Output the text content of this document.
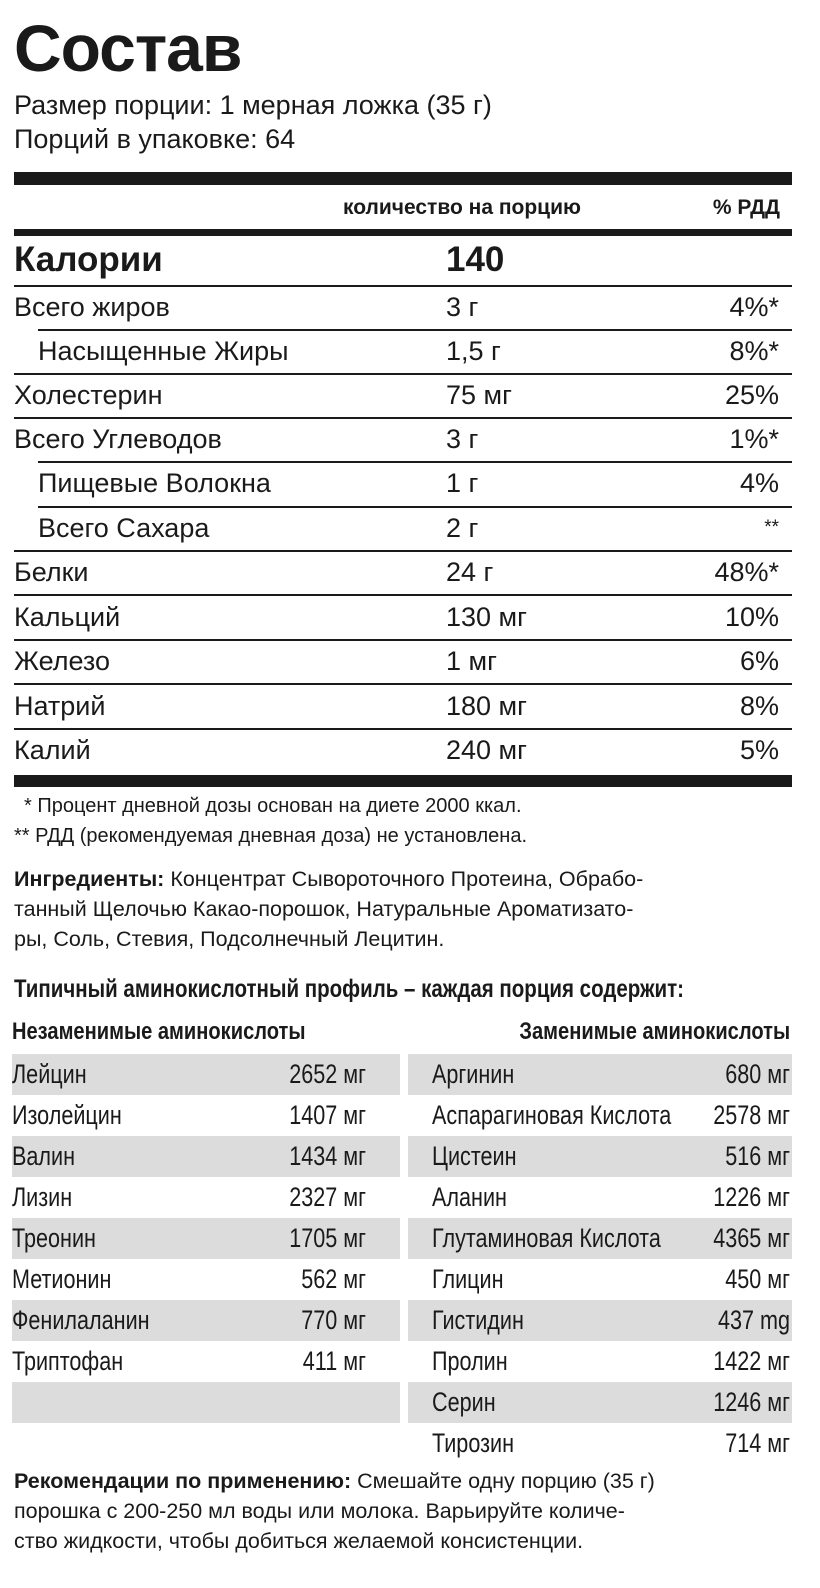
Состав
Размер порции: 1 мерная ложка (35 г)
Порций в упаковке: 64
количество на порцию	% РДД
Калории	140
Всего жиров	3 г	4%*
Насыщенные Жиры	1,5 г	8%*
Холестерин	75 мг	25%
Всего Углеводов	3 г	1%*
Пищевые Волокна	1 г	4%
Всего Сахара	2 г	**
Белки	24 г	48%*
Кальций	130 мг	10%
Железо	1 мг	6%
Натрий	180 мг	8%
Калий	240 мг	5%
* Процент дневной дозы основан на диете 2000 ккал.
** РДД (рекомендуемая дневная доза) не установлена.
Ингредиенты: Концентрат Сывороточного Протеина, Обрабо-
танный Щелочью Какао-порошок, Натуральные Ароматизато-
ры, Соль, Стевия, Подсолнечный Лецитин.
Типичный аминокислотный профиль – каждая порция содержит:
Незаменимые аминокислоты	Заменимые аминокислоты
Лейцин	2652 мг
Изолейцин	1407 мг
Валин	1434 мг
Лизин	2327 мг
Треонин	1705 мг
Метионин	562 мг
Фенилаланин	770 мг
Триптофан	411 мг
Аргинин	680 мг
Аспарагиновая Кислота 2578 мг
Цистеин	516 мг
Аланин	1226 мг
Глутаминовая Кислота 4365 мг
Глицин	450 мг
Гистидин	437 mg
Пролин	1422 мг
Серин	1246 мг
Тирозин	714 мг
Рекомендации по применению: Смешайте одну порцию (35 г)
порошка с 200-250 мл воды или молока. Варьируйте количе-
ство жидкости, чтобы добиться желаемой консистенции.
